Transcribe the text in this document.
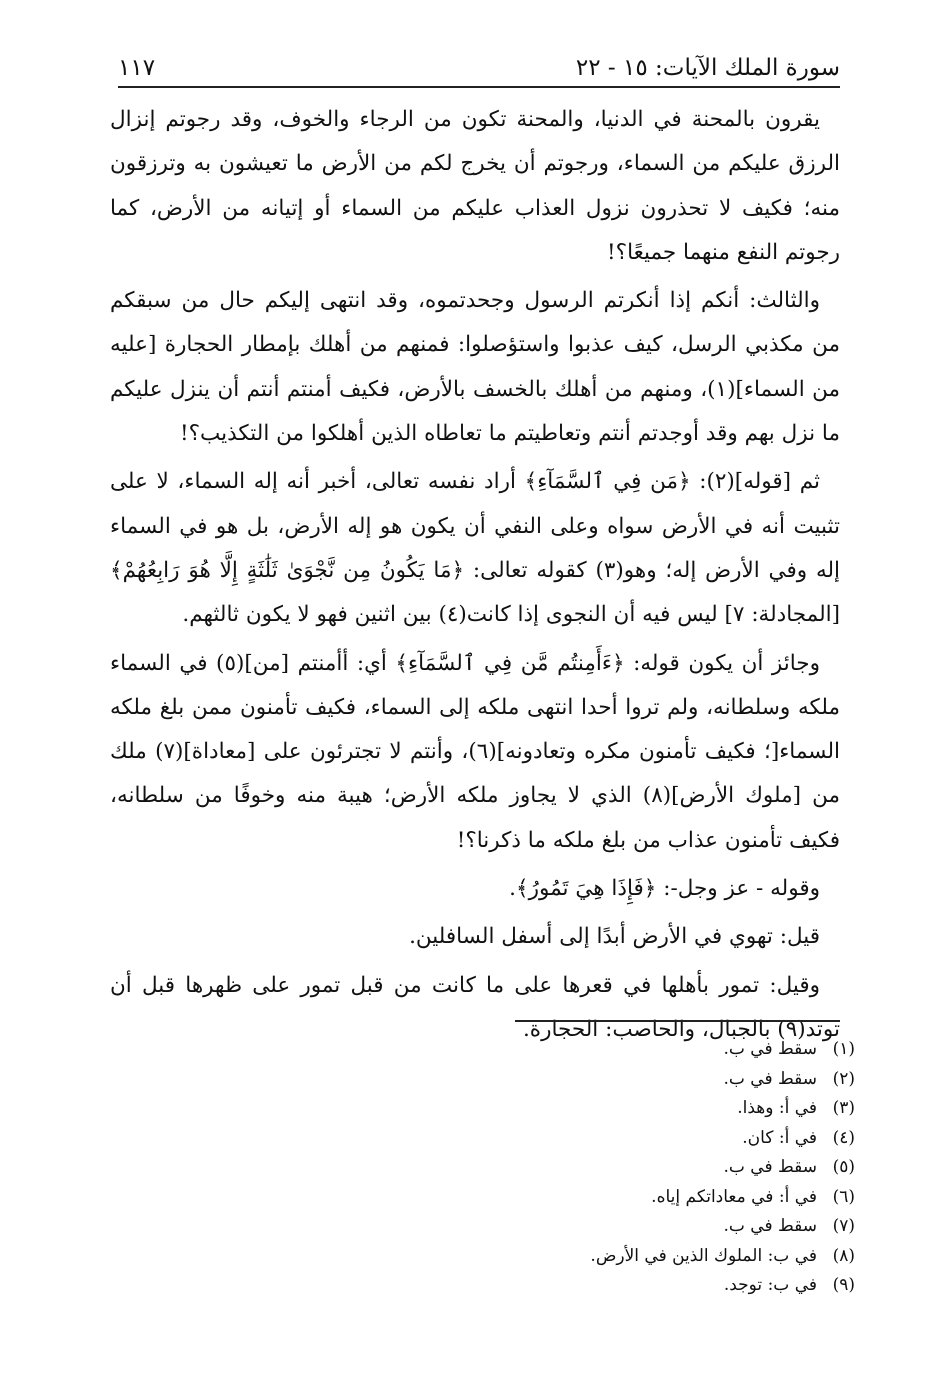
١١٧	سورة الملك الآيات: ١٥ - ٢٢

يقرون بالمحنة في الدنيا، والمحنة تكون من الرجاء والخوف، وقد رجوتم إنزال الرزق عليكم من السماء، ورجوتم أن يخرج لكم من الأرض ما تعيشون به وترزقون منه؛ فكيف لا تحذرون نزول العذاب عليكم من السماء أو إتيانه من الأرض، كما رجوتم النفع منهما جميعًا؟!

والثالث: أنكم إذا أنكرتم الرسول وجحدتموه، وقد انتهى إليكم حال من سبقكم من مكذبي الرسل، كيف عذبوا واستؤصلوا: فمنهم من أهلك بإمطار الحجارة [عليه من السماء](١)، ومنهم من أهلك بالخسف بالأرض، فكيف أمنتم أنتم أن ينزل عليكم ما نزل بهم وقد أوجدتم أنتم وتعاطيتم ما تعاطاه الذين أهلكوا من التكذيب؟!

ثم [قوله](٢): ﴿مَن فِي ٱلسَّمَآءِ﴾ أراد نفسه تعالى، أخبر أنه إله السماء، لا على تثبيت أنه في الأرض سواه وعلى النفي أن يكون هو إله الأرض، بل هو في السماء إله وفي الأرض إله؛ وهو(٣) كقوله تعالى: ﴿مَا يَكُونُ مِن نَّجْوَىٰ ثَلَٰثَةٍ إِلَّا هُوَ رَابِعُهُمْ﴾ [المجادلة: ٧] ليس فيه أن النجوى إذا كانت(٤) بين اثنين فهو لا يكون ثالثهم.

وجائز أن يكون قوله: ﴿ءَأَمِنتُم مَّن فِي ٱلسَّمَآءِ﴾ أي: أأمنتم [من](٥) في السماء ملكه وسلطانه، ولم تروا أحدا انتهى ملكه إلى السماء، فكيف تأمنون ممن بلغ ملكه السماء[؛ فكيف تأمنون مكره وتعادونه](٦)، وأنتم لا تجترئون على [معاداة](٧) ملك من [ملوك الأرض](٨) الذي لا يجاوز ملكه الأرض؛ هيبة منه وخوفًا من سلطانه، فكيف تأمنون عذاب من بلغ ملكه ما ذكرنا؟!

وقوله - عز وجل-: ﴿فَإِذَا هِيَ تَمُورُ﴾.

قيل: تهوي في الأرض أبدًا إلى أسفل السافلين.

وقيل: تمور بأهلها في قعرها على ما كانت من قبل تمور على ظهرها قبل أن توتد(٩) بالجبال، والحاصب: الحجارة.

(١)
سقط في ب.
(٢)
سقط في ب.
(٣)
في أ: وهذا.
(٤)
في أ: كان.
(٥)
سقط في ب.
(٦)
في أ: في معاداتكم إياه.
(٧)
سقط في ب.
(٨)
في ب: الملوك الذين في الأرض.
(٩)
في ب: توجد.
